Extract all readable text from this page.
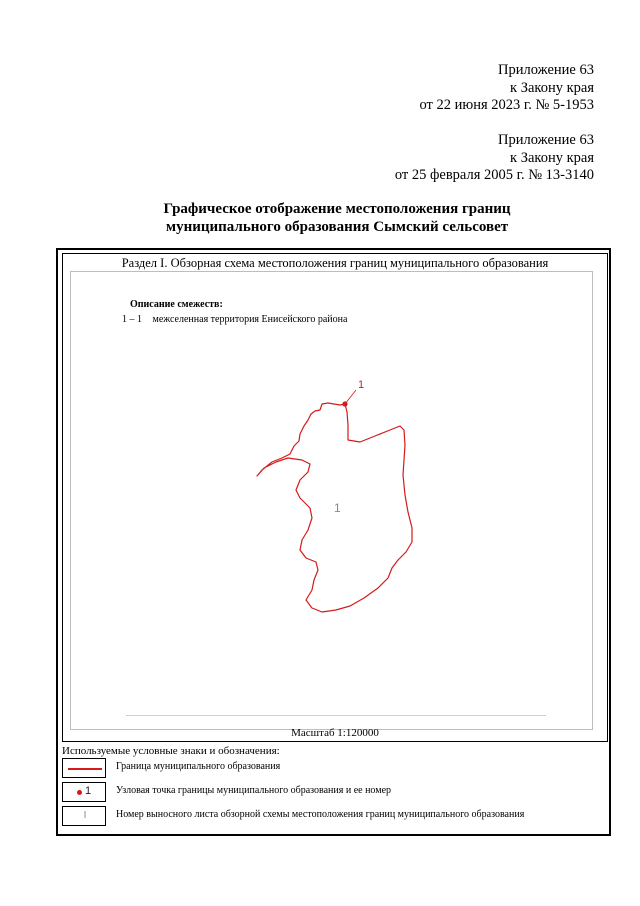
Приложение 63
к Закону края
от 22 июня 2023 г. № 5-1953
Приложение 63
к Закону края
от 25 февраля 2005 г. № 13-3140
Графическое отображение местоположения границ
муниципального образования Сымский сельсовет
Раздел I. Обзорная схема местоположения границ муниципального образования
Описание смежеств:
1 – 1 межселенная территория Енисейского района
1
1
Масштаб 1:120000
Используемые условные знаки и обозначения:
Граница муниципального образования
1 Узловая точка границы муниципального образования и ее номер
I	Номер выносного листа обзорной схемы местоположения границ муниципального образования
